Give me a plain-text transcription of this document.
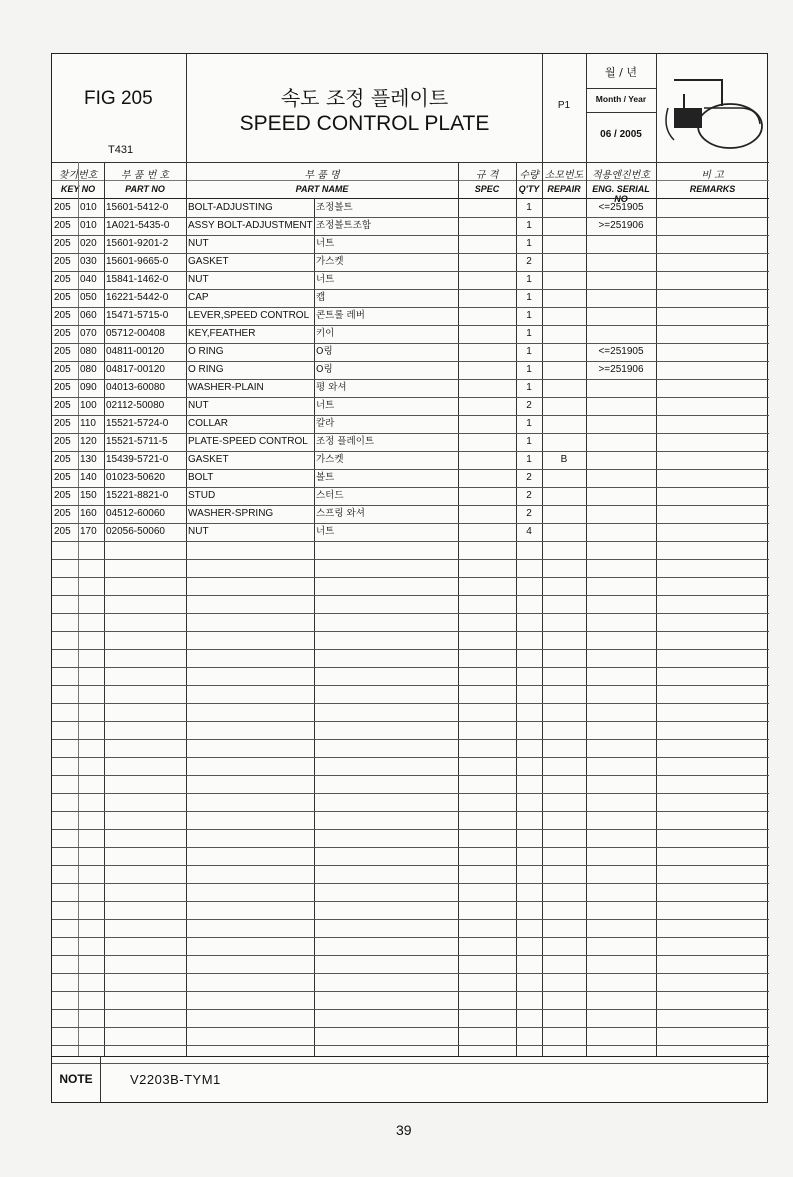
FIG 205
T431
속도 조정 플레이트
SPEED CONTROL PLATE
P1
월 / 년
Month / Year
06 / 2005
찾기번호
KEY NO
부 품 번 호
PART NO
부 품 명
PART NAME
규 격
SPEC
수량
Q'TY
소모번도
REPAIR
적용엔진번호
ENG. SERIAL NO
비 고
REMARKS
205 010 15601-5412-0	BOLT-ADJUSTING	조정볼트	1	<=251905
205 010 1A021-5435-0	ASSY BOLT-ADJUSTMENT 조정볼트조합	1	>=251906
205 020 15601-9201-2	NUT	너트	1
205 030 15601-9665-0	GASKET	가스켓	2
205 040 15841-1462-0	NUT	너트	1
205 050 16221-5442-0	CAP	캡	1
205 060 15471-5715-0	LEVER,SPEED CONTROL 콘트롤 레버	1
205 070 05712-00408	KEY,FEATHER	키이	1
205 080 04811-00120	O RING	O링	1	<=251905
205 080 04817-00120	O RING	O링	1	>=251906
205 090 04013-60080	WASHER-PLAIN	평 와셔	1
205 100 02112-50080	NUT	너트	2
205 110	15521-5724-0	COLLAR	칼라	1
205 120 15521-5711-5	PLATE-SPEED CONTROL 조정 플레이트	1
205 130 15439-5721-0	GASKET	가스켓	1	B
205 140 01023-50620	BOLT	볼트	2
205 150 15221-8821-0	STUD	스터드	2
205 160 04512-60060	WASHER-SPRING	스프링 와셔	2
205 170 02056-50060	NUT	너트	4
NOTE	V2203B-TYM1
39
